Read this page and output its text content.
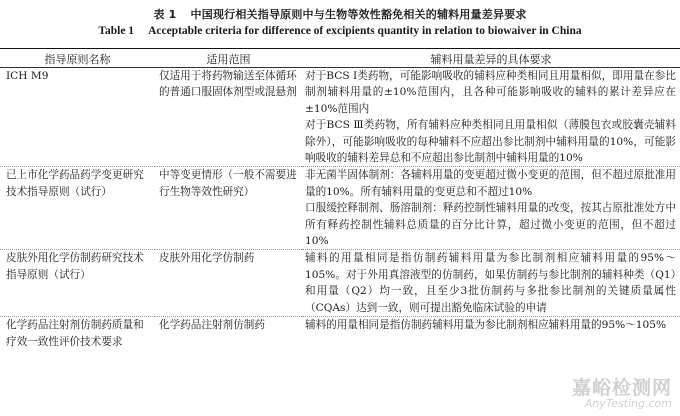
表 1 中国现行相关指导原则中与生物等效性豁免相关的辅料用量差异要求
Table 1 Acceptable criteria for difference of excipients quantity in relation to biowaiver in China
指导原则名称	适用范围	辅料用量差异的具体要求
ICH M9	仅适用于将药物输送至体循环的普通口服固体剂型或混悬剂	对于BCS Ⅰ类药物，可能影响吸收的辅料应种类相同且用量相似，即用量在参比制剂辅料用量的±10%范围内，且各种可能影响吸收的辅料的累计差异应在±10%范围内
对于BCS Ⅲ类药物，所有辅料应种类相同且用量相似（薄膜包衣或胶囊壳辅料除外），可能影响吸收的每种辅料不应超出参比制剂中辅料用量的10%，可能影响吸收的辅料差异总和不应超出参比制剂中辅料用量的10%

已上市化学药品药学变更研究技术指导原则（试行）	中等变更情形（一般不需要进行生物等效性研究）	非无菌半固体制剂：各辅料用量的变更超过微小变更的范围，但不超过原批准用量的10%。所有辅料用量的变更总和不超过10%
口服缓控释制剂、肠溶制剂：释药控制性辅料用量的改变，按其占原批准处方中所有释药控制性辅料总质量的百分比计算，超过微小变更的范围，但不超过10%

皮肤外用化学仿制药研究技术指导原则（试行）	皮肤外用化学仿制药	辅料的用量相同是指仿制药辅料用量为参比制剂相应辅料用量的95%～105%。对于外用真溶液型的仿制药，如果仿制药与参比制剂的辅料种类（Q1）和用量（Q2）均一致，且至少3批仿制药与多批参比制剂的关键质量属性（CQAs）达到一致，则可提出豁免临床试验的申请

化学药品注射剂仿制药质量和疗效一致性评价技术要求	化学药品注射剂仿制药	辅料的用量相同是指仿制药辅料用量为参比制剂相应辅料用量的95%～105%
嘉峪检测网
AnyTesting.com
